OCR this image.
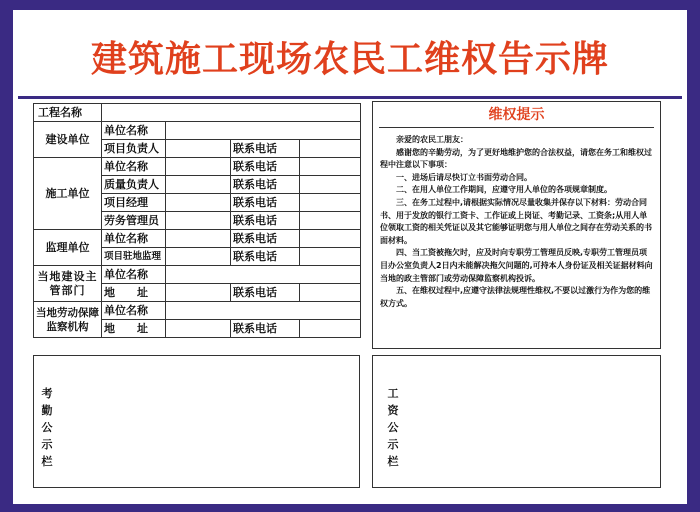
建筑施工现场农民工维权告示牌
工程名称				
建设单位	单位名称			
	项目负责人		联系电话	
施工单位	单位名称		联系电话	
	质量负责人		联系电话	
	项目经理		联系电话	
	劳务管理员		联系电话	
监理单位	单位名称		联系电话	
	项目驻地监理		联系电话	
当地建设主管部门	单位名称			
	地　　址		联系电话	
当地劳动保障监察机构	单位名称			
	地　　址		联系电话	
维权提示

亲爱的农民工朋友：

感谢您的辛勤劳动，为了更好地维护您的合法权益，请您在务工和维权过程中注意以下事项：

一、进场后请尽快订立书面劳动合同。

二、在用人单位工作期间，应遵守用人单位的各项规章制度。

三、在务工过程中,请根据实际情况尽量收集并保存以下材料：劳动合同书、用于发放的银行工资卡、工作证或上岗证、考勤记录、工资条;从用人单位领取工资的相关凭证以及其它能够证明您与用人单位之间存在劳动关系的书面材料。

四、当工资被拖欠时，应及时向专职劳工管理员反映,专职劳工管理员项目办公室负责人2日内未能解决拖欠问题的,可持本人身份证及相关证据材料向当地的政主管部门或劳动保障监察机构投诉。

五、在维权过程中,应遵守法律法规理性维权,不要以过激行为作为您的维权方式。

考
勤
公
示
栏
工
资
公
示
栏
